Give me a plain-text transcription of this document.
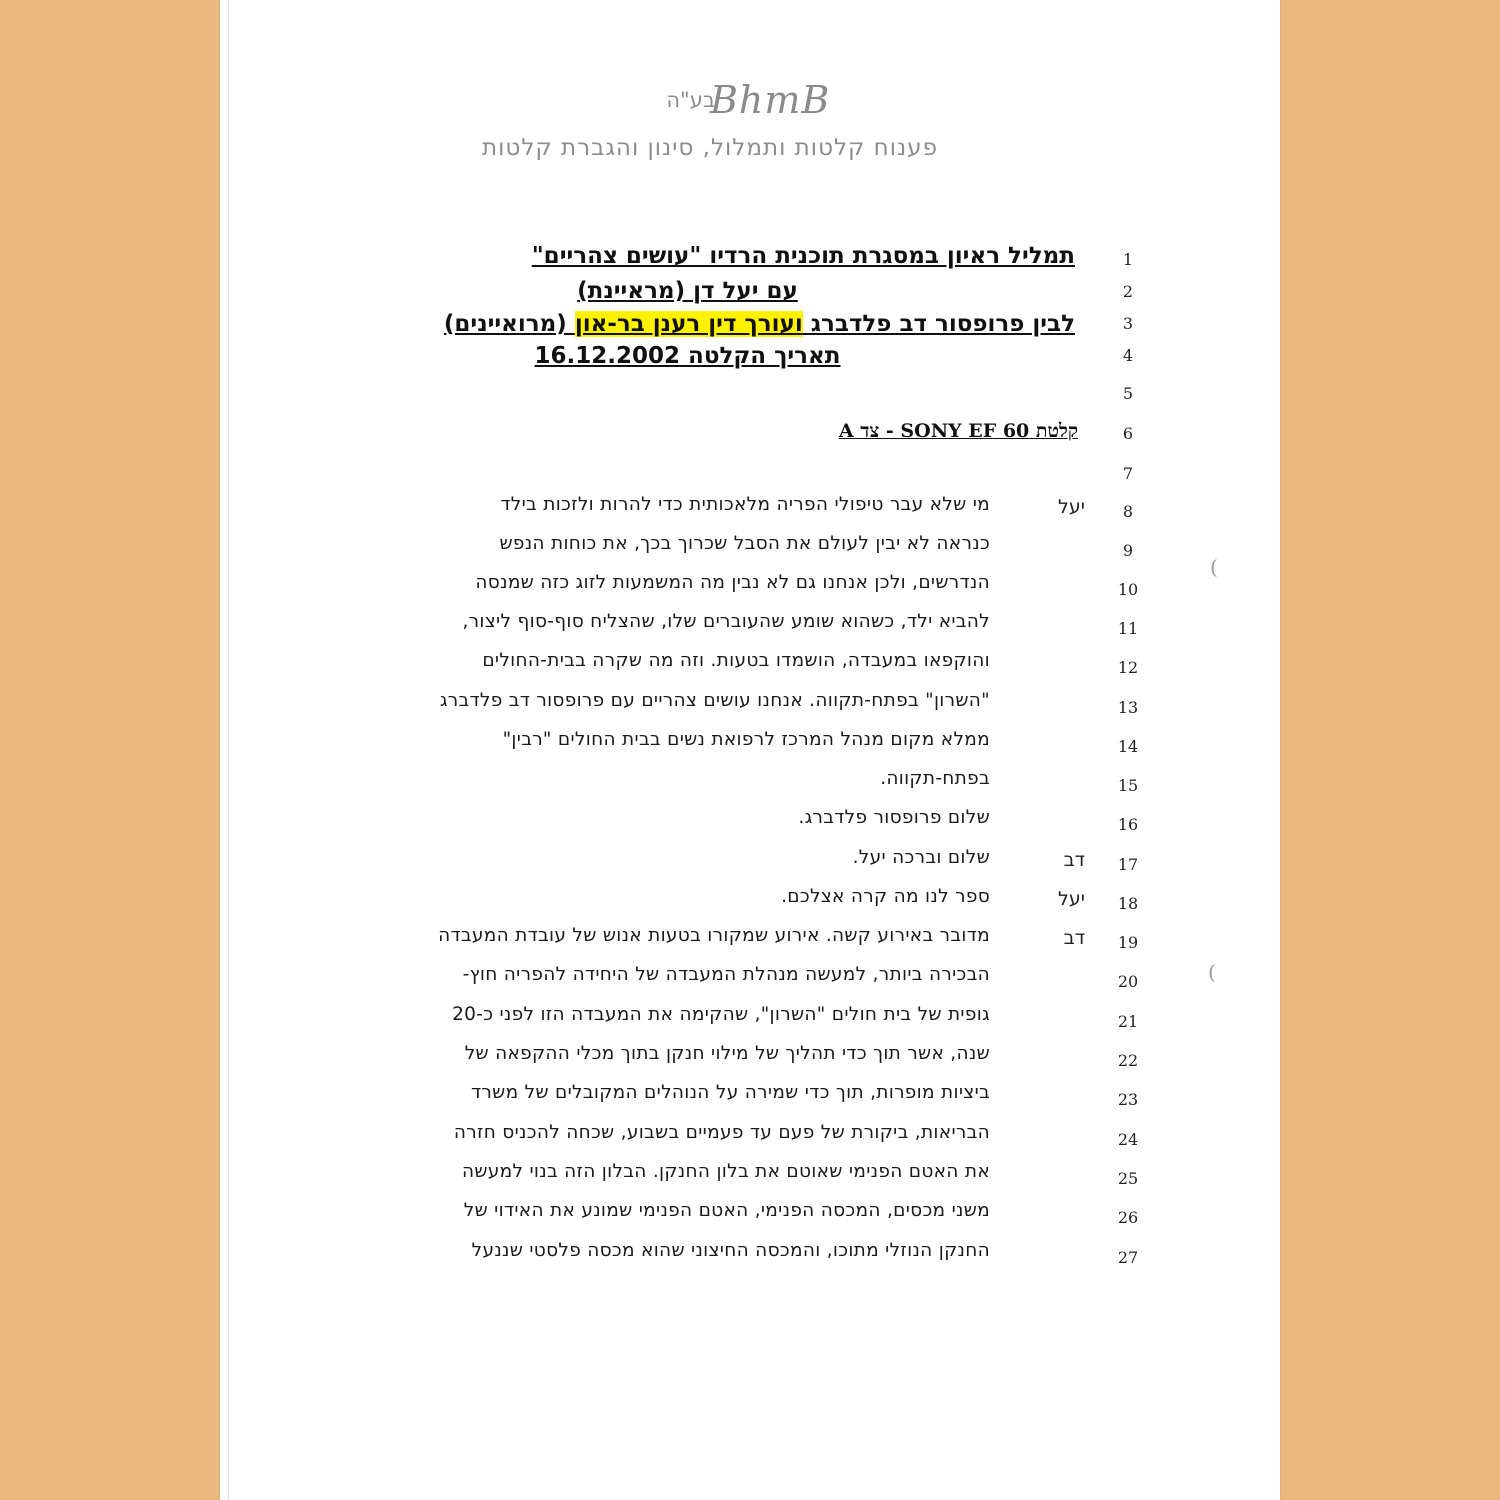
בע"ה
BhmB
פענוח קלטות ותמלול, סינון והגברת קלטות
תמליל ראיון במסגרת תוכנית הרדיו "עושים צהריים"
עם יעל דן (מראיינת)
לבין פרופסור דב פלדברג ועורך דין רענן בר-און (מרואיינים)
תאריך הקלטה 16.12.2002
קלטת SONY EF 60 - צד A
1
2
3
4
5
6
7
8
יעל
מי שלא עבר טיפולי הפריה מלאכותית כדי להרות ולזכות בילד
9
כנראה לא יבין לעולם את הסבל שכרוך בכך, את כוחות הנפש
10
הנדרשים, ולכן אנחנו גם לא נבין מה המשמעות לזוג כזה שמנסה
11
להביא ילד, כשהוא שומע שהעוברים שלו, שהצליח סוף-סוף ליצור,
12
והוקפאו במעבדה, הושמדו בטעות. וזה מה שקרה בבית-החולים
13
"השרון" בפתח-תקווה. אנחנו עושים צהריים עם פרופסור דב פלדברג
14
ממלא מקום מנהל המרכז לרפואת נשים בבית החולים "רבין"
15
בפתח-תקווה.
16
שלום פרופסור פלדברג.
17
דב
שלום וברכה יעל.
18
יעל
ספר לנו מה קרה אצלכם.
19
דב
מדובר באירוע קשה. אירוע שמקורו בטעות אנוש של עובדת המעבדה
20
הבכירה ביותר, למעשה מנהלת המעבדה של היחידה להפריה חוץ-
21
גופית של בית חולים "השרון", שהקימה את המעבדה הזו לפני כ-20
22
שנה, אשר תוך כדי תהליך של מילוי חנקן בתוך מכלי ההקפאה של
23
ביציות מופרות, תוך כדי שמירה על הנוהלים המקובלים של משרד
24
הבריאות, ביקורת של פעם עד פעמיים בשבוע, שכחה להכניס חזרה
25
את האטם הפנימי שאוטם את בלון החנקן. הבלון הזה בנוי למעשה
26
משני מכסים, המכסה הפנימי, האטם הפנימי שמונע את האידוי של
27
החנקן הנוזלי מתוכו, והמכסה החיצוני שהוא מכסה פלסטי שננעל
(
(
